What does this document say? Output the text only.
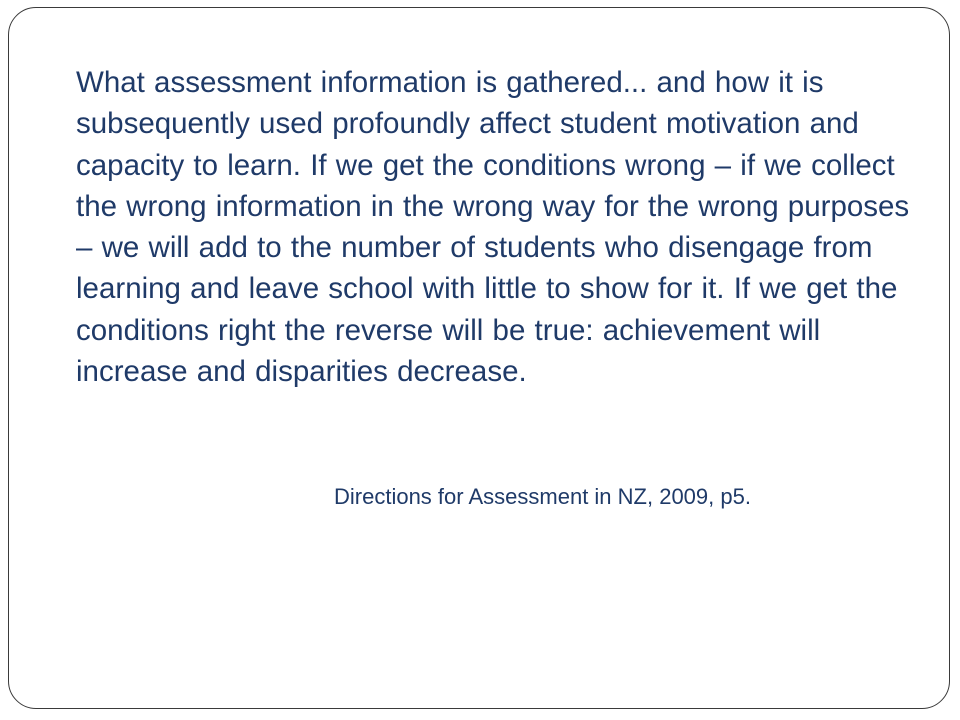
What assessment information is gathered... and how it is subsequently used profoundly affect student motivation and capacity to learn. If we get the conditions wrong – if we collect the wrong information in the wrong way for the wrong purposes – we will add to the number of students who disengage from learning and leave school with little to show for it. If we get the conditions right the reverse will be true: achievement will increase and disparities decrease.

Directions for Assessment in NZ, 2009, p5.
